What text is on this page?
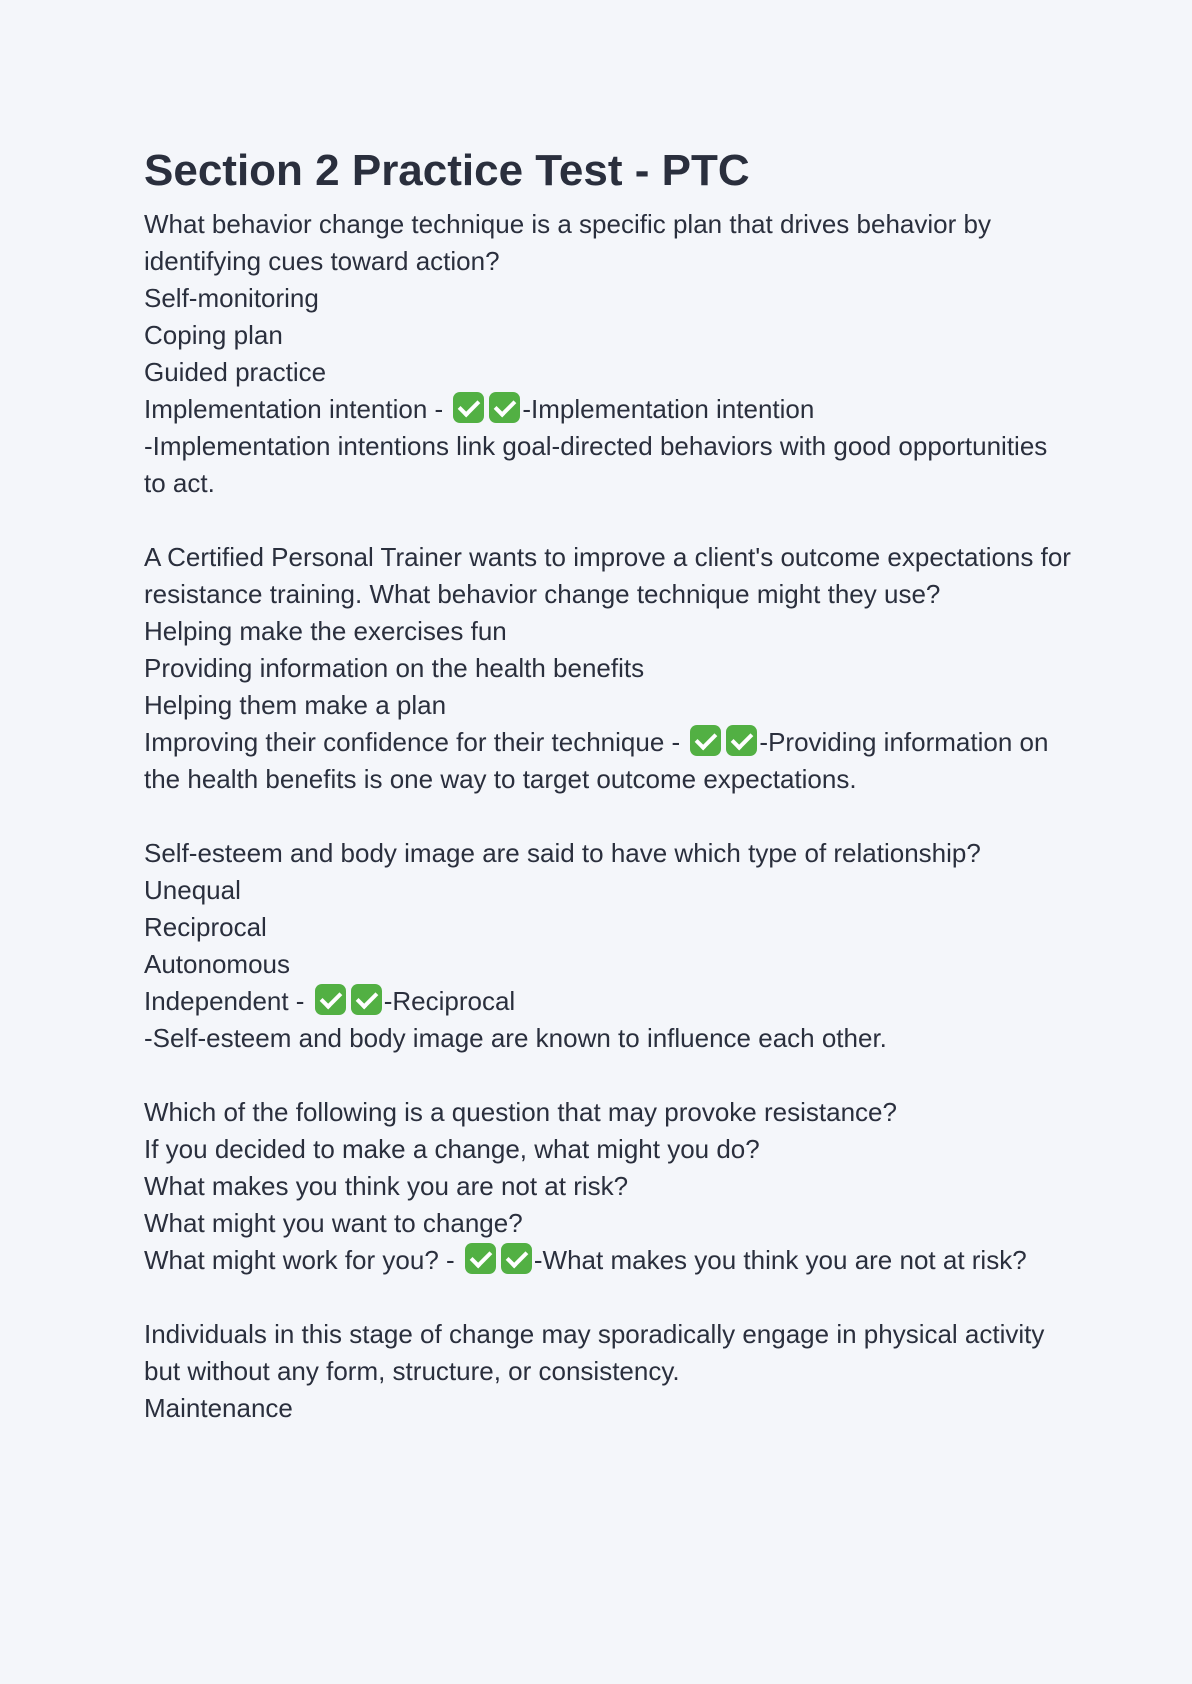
Section 2 Practice Test - PTC

What behavior change technique is a specific plan that drives behavior by identifying cues toward action?

Self-monitoring

Coping plan

Guided practice

Implementation intention -	-Implementation intention

-Implementation intentions link goal-directed behaviors with good opportunities to act.

A Certified Personal Trainer wants to improve a client's outcome expectations for resistance training. What behavior change technique might they use?

Helping make the exercises fun

Providing information on the health benefits

Helping them make a plan

Improving their confidence for their technique -	-Providing information on the health benefits is one way to target outcome expectations.

Self-esteem and body image are said to have which type of relationship?

Unequal

Reciprocal

Autonomous

Independent -	-Reciprocal

-Self-esteem and body image are known to influence each other.

Which of the following is a question that may provoke resistance?

If you decided to make a change, what might you do?

What makes you think you are not at risk?

What might you want to change?

What might work for you? -	-What makes you think you are not at risk?

Individuals in this stage of change may sporadically engage in physical activity but without any form, structure, or consistency.

Maintenance
